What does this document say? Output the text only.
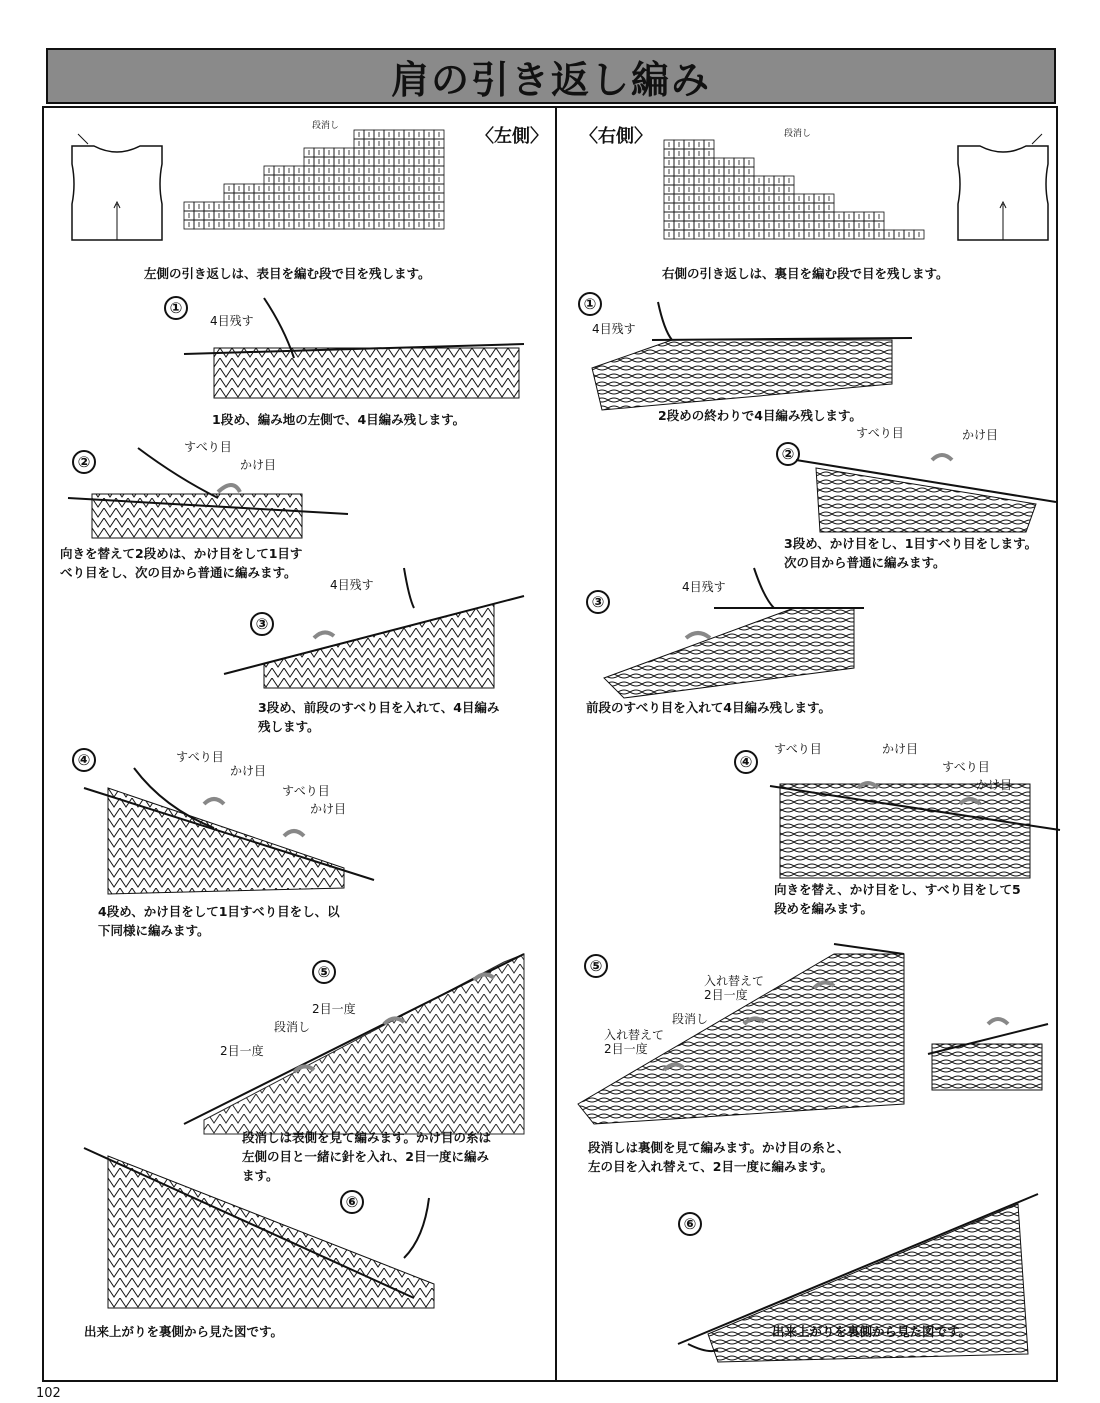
肩の引き返し編み
段消し	〈左側〉
左側の引き返しは、表目を編む段で目を残します。
①
4目残す
1段め、編み地の左側で、4目編み残します。
②
すべり目
かけ目
向きを替えて2段めは、かけ目をして1目す
べり目をし、次の目から普通に編みます。
③
4目残す
3段め、前段のすべり目を入れて、4目編み
残します。
④	すべり目
かけ目
すべり目
かけ目
4段め、かけ目をして1目すべり目をし、以
下同様に編みます。
⑤
2目一度
段消し
2目一度
段消しは表側を見て編みます。かけ目の糸は
左側の目と一緒に針を入れ、2目一度に編み
ます。
⑥
出来上がりを裏側から見た図です。
〈右側〉	段消し
右側の引き返しは、裏目を編む段で目を残します。
①
4目残す
2段めの終わりで4目編み残します。
②
すべり目	かけ目
3段め、かけ目をし、1目すべり目をします。
次の目から普通に編みます。
③
4目残す
前段のすべり目を入れて4目編み残します。
④
すべり目	かけ目
すべり目
向きを替え、かけ目をし、すべり目をして5
段めを編みます。
⑤
入れ替えて
2目一度
段消し
入れ替えて
2目一度
段消しは裏側を見て編みます。かけ目の糸と、
左の目を入れ替えて、2目一度に編みます。
⑥
出来上がりを裏側から見た図です。
102
